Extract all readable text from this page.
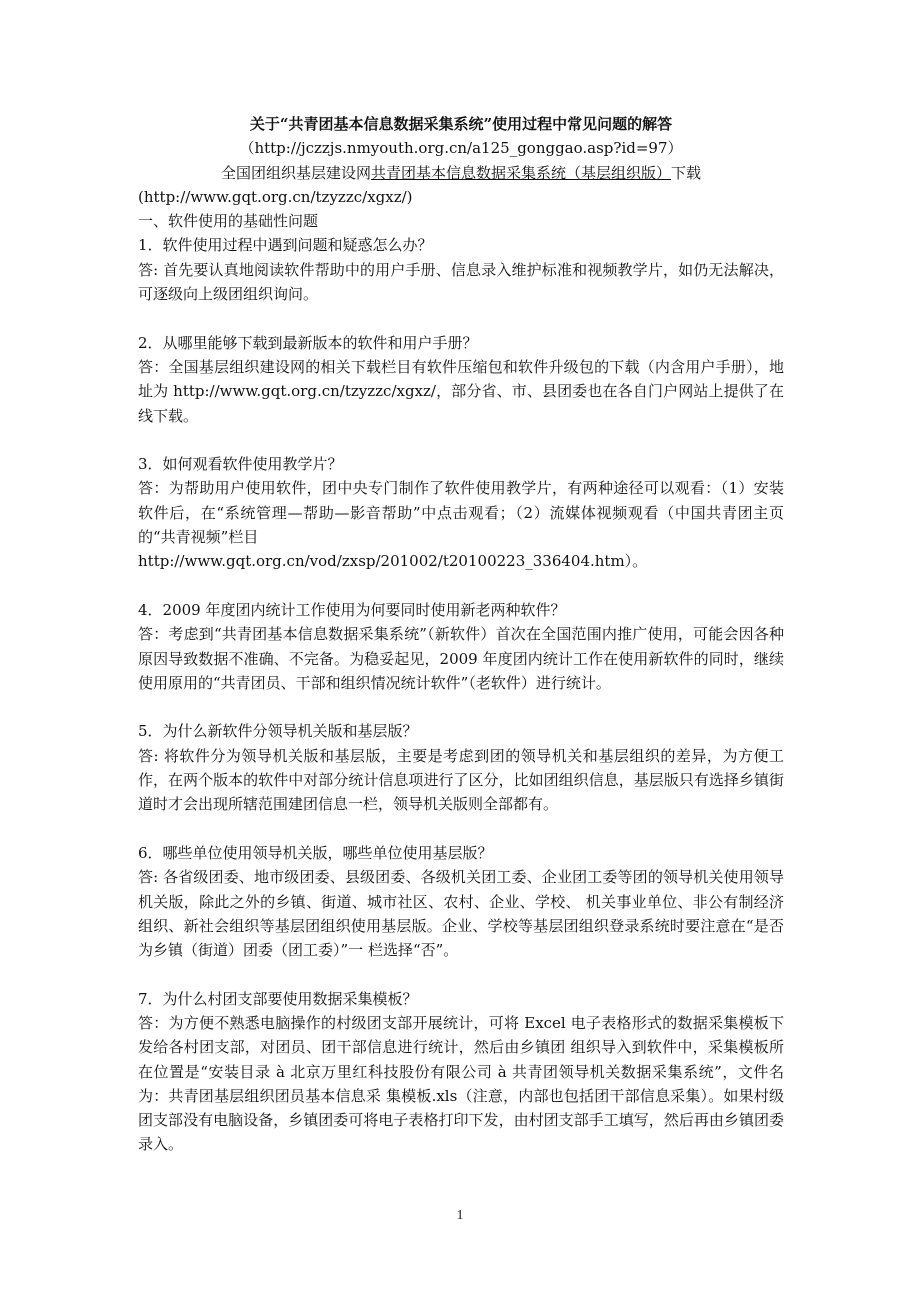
关于“共青团基本信息数据采集系统”使用过程中常见问题的解答
（http://jczzjs.nmyouth.org.cn/a125_gonggao.asp?id=97）
全国团组织基层建设网共青团基本信息数据采集系统（基层组织版）下载
(http://www.gqt.org.cn/tzyzzc/xgxz/)
一、软件使用的基础性问题
1．软件使用过程中遇到问题和疑惑怎么办？
答: 首先要认真地阅读软件帮助中的用户手册、信息录入维护标准和视频教学片，如仍无法解决，可逐级向上级团组织询问。
2．从哪里能够下载到最新版本的软件和用户手册？
答：全国基层组织建设网的相关下载栏目有软件压缩包和软件升级包的下载（内含用户手册），地址为 http://www.gqt.org.cn/tzyzzc/xgxz/，部分省、市、县团委也在各自门户网站上提供了在线下载。
3．如何观看软件使用教学片？
答：为帮助用户使用软件，团中央专门制作了软件使用教学片，有两种途径可以观看：（1）安装软件后，在“系统管理—帮助—影音帮助”中点击观看；（2）流媒体视频观看（中国共青团主页的“共青视频”栏目
http://www.gqt.org.cn/vod/zxsp/201002/t20100223_336404.htm）。
4．2009 年度团内统计工作使用为何要同时使用新老两种软件？
答：考虑到“共青团基本信息数据采集系统”（新软件）首次在全国范围内推广使用，可能会因各种原因导致数据不准确、不完备。为稳妥起见，2009 年度团内统计工作在使用新软件的同时，继续使用原用的“共青团员、干部和组织情况统计软件”（老软件）进行统计。
5．为什么新软件分领导机关版和基层版？
答: 将软件分为领导机关版和基层版，主要是考虑到团的领导机关和基层组织的差异，为方便工作，在两个版本的软件中对部分统计信息项进行了区分，比如团组织信息，基层版只有选择乡镇街道时才会出现所辖范围建团信息一栏，领导机关版则全部都有。
6．哪些单位使用领导机关版，哪些单位使用基层版？
答: 各省级团委、地市级团委、县级团委、各级机关团工委、企业团工委等团的领导机关使用领导机关版，除此之外的乡镇、街道、城市社区、农村、企业、学校、 机关事业单位、非公有制经济组织、新社会组织等基层团组织使用基层版。企业、学校等基层团组织登录系统时要注意在“是否为乡镇（街道）团委（团工委）”一 栏选择“否”。
7．为什么村团支部要使用数据采集模板？
答：为方便不熟悉电脑操作的村级团支部开展统计，可将 Excel 电子表格形式的数据采集模板下发给各村团支部，对团员、团干部信息进行统计，然后由乡镇团 组织导入到软件中，采集模板所在位置是“安装目录 à 北京万里红科技股份有限公司 à 共青团领导机关数据采集系统”，文件名为：共青团基层组织团员基本信息采 集模板.xls（注意，内部也包括团干部信息采集）。如果村级团支部没有电脑设备，乡镇团委可将电子表格打印下发，由村团支部手工填写，然后再由乡镇团委 录入。
1
